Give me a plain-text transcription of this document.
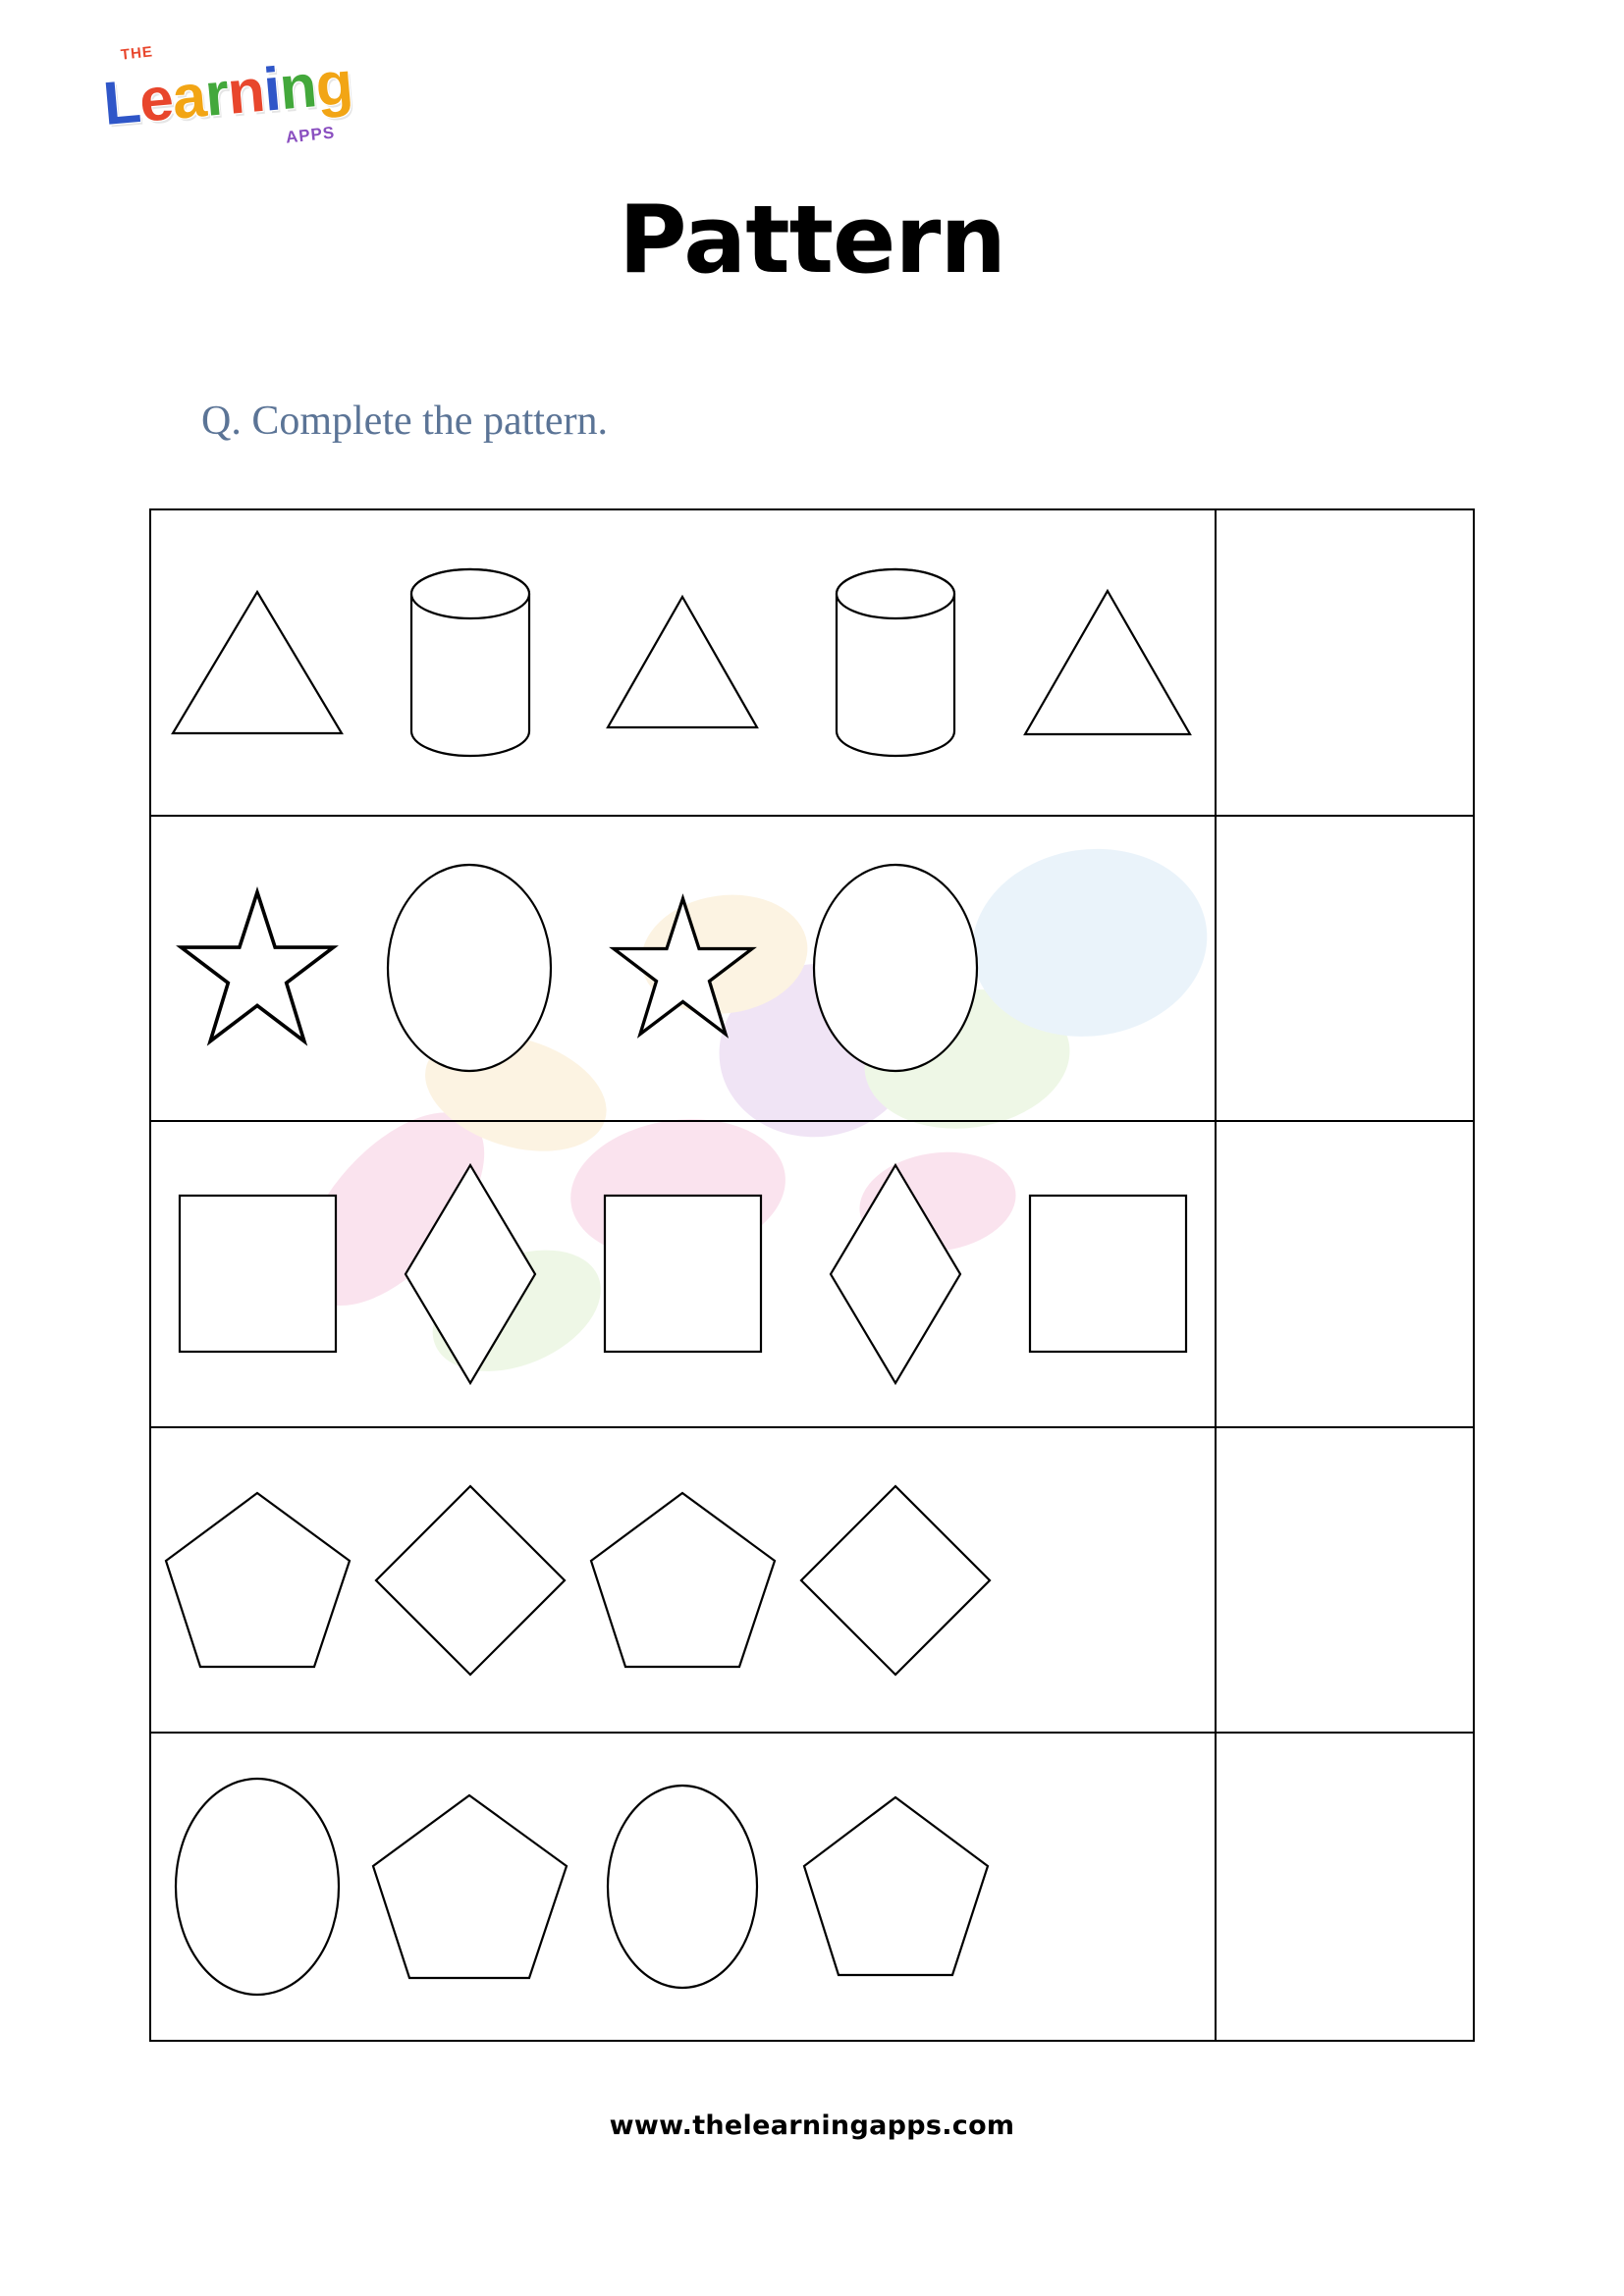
THE
Learning
APPS
Pattern
Q. Complete the pattern.
www.thelearningapps.com
